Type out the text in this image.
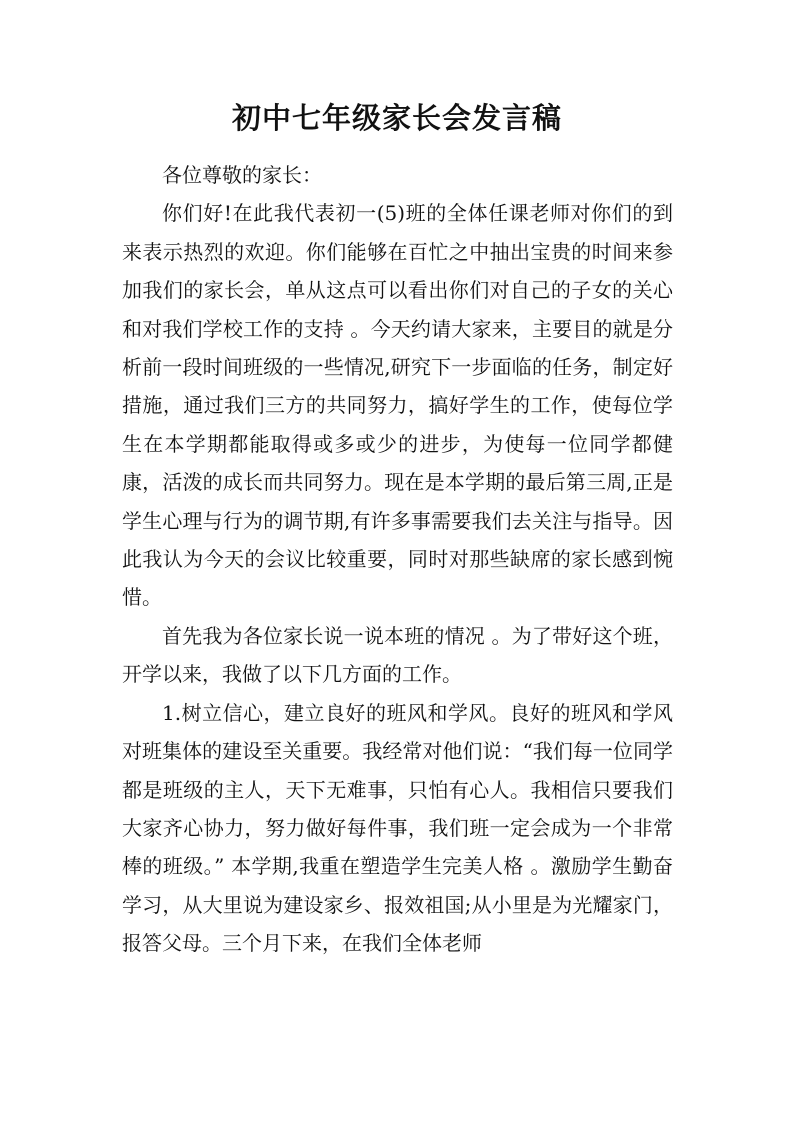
初中七年级家长会发言稿

各位尊敬的家长：

你们好!在此我代表初一(5)班的全体任课老师对你们的到来表示热烈的欢迎。你们能够在百忙之中抽出宝贵的时间来参加我们的家长会，单从这点可以看出你们对自己的子女的关心和对我们学校工作的支持 。今天约请大家来，主要目的就是分析前一段时间班级的一些情况,研究下一步面临的任务，制定好措施，通过我们三方的共同努力，搞好学生的工作，使每位学生在本学期都能取得或多或少的进步，为使每一位同学都健康，活泼的成长而共同努力。现在是本学期的最后第三周,正是学生心理与行为的调节期,有许多事需要我们去关注与指导。因此我认为今天的会议比较重要，同时对那些缺席的家长感到惋惜。

首先我为各位家长说一说本班的情况 。为了带好这个班，开学以来，我做了以下几方面的工作。

1.树立信心，建立良好的班风和学风。良好的班风和学风对班集体的建设至关重要。我经常对他们说：“我们每一位同学都是班级的主人，天下无难事，只怕有心人。我相信只要我们大家齐心协力，努力做好每件事，我们班一定会成为一个非常棒的班级。” 本学期,我重在塑造学生完美人格 。激励学生勤奋学习，从大里说为建设家乡、报效祖国;从小里是为光耀家门，报答父母。三个月下来，在我们全体老师
